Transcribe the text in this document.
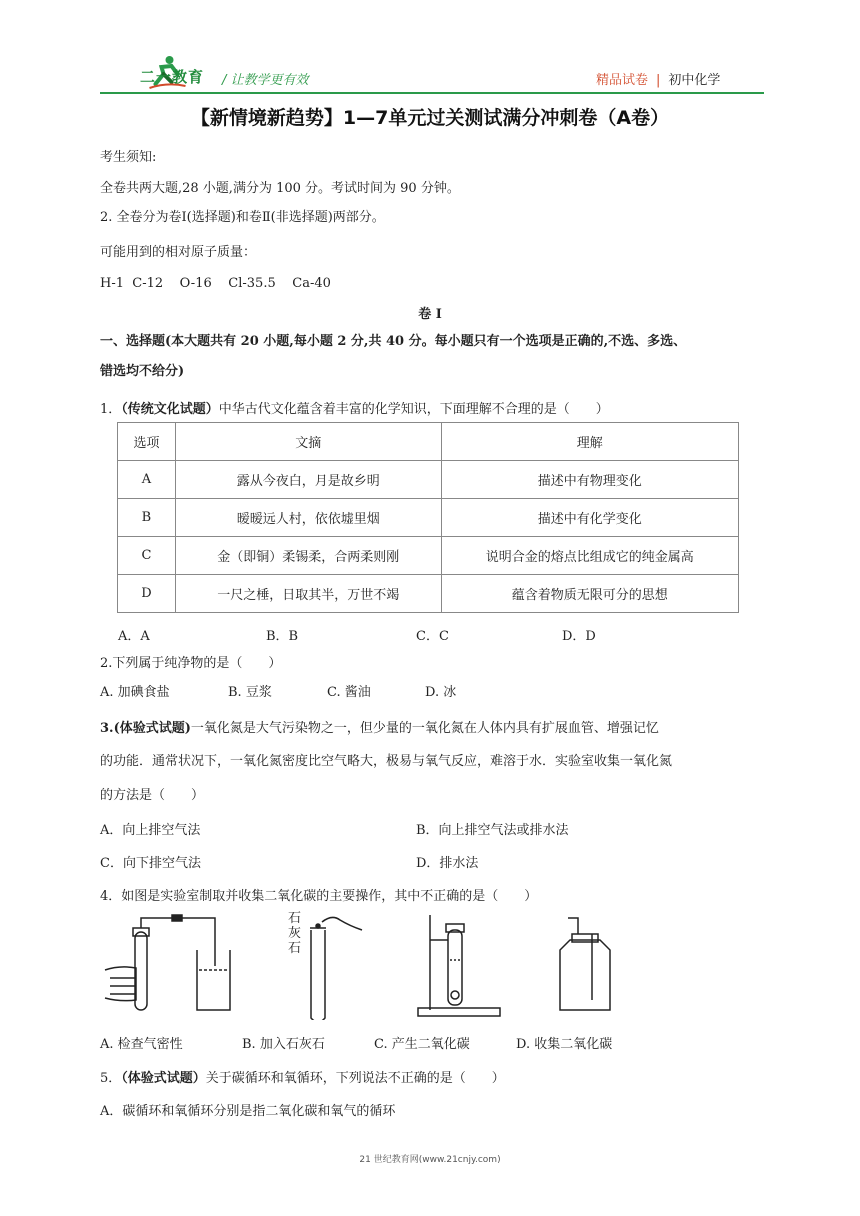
二一教育 / 让教学更有效	精品试卷 | 初中化学
【新情境新趋势】1—7单元过关测试满分冲刺卷（A卷）
考生须知:
全卷共两大题,28 小题,满分为 100 分。考试时间为 90 分钟。
2. 全卷分为卷Ⅰ(选择题)和卷Ⅱ(非选择题)两部分。
可能用到的相对原子质量：
H-1  C-12    O-16    Cl-35.5    Ca-40
卷 Ⅰ
一、选择题(本大题共有 20 小题,每小题 2 分,共 40 分。每小题只有一个选项是正确的,不选、多选、
错选均不给分)
1．（传统文化试题）中华古代文化蕴含着丰富的化学知识，下面理解不合理的是（　　）
选项	文摘	理解
A	露从今夜白，月是故乡明	描述中有物理变化
B	暧暧远人村，依依墟里烟	描述中有化学变化
C	金（即铜）柔锡柔，合两柔则刚	说明合金的熔点比组成它的纯金属高
D	一尺之棰，日取其半，万世不竭	蕴含着物质无限可分的思想
A．A	B．B	C．C	D．D
2.下列属于纯净物的是（　　）
A. 加碘食盐	B. 豆浆	C. 酱油	D. 冰
3.(体验式试题)一氧化氮是大气污染物之一，但少量的一氧化氮在人体内具有扩展血管、增强记忆
的功能．通常状况下，一氧化氮密度比空气略大，极易与氧气反应，难溶于水．实验室收集一氧化氮
的方法是（　　）
A．向上排空气法	B．向上排空气法或排水法
C．向下排空气法	D．排水法
4．如图是实验室制取并收集二氧化碳的主要操作，其中不正确的是（　　）
石
灰
石
A. 检查气密性	B. 加入石灰石	C. 产生二氧化碳	D. 收集二氧化碳
5．（体验式试题）关于碳循环和氧循环，下列说法不正确的是（　　）
A．碳循环和氧循环分别是指二氧化碳和氧气的循环
21 世纪教育网(www.21cnjy.com)
